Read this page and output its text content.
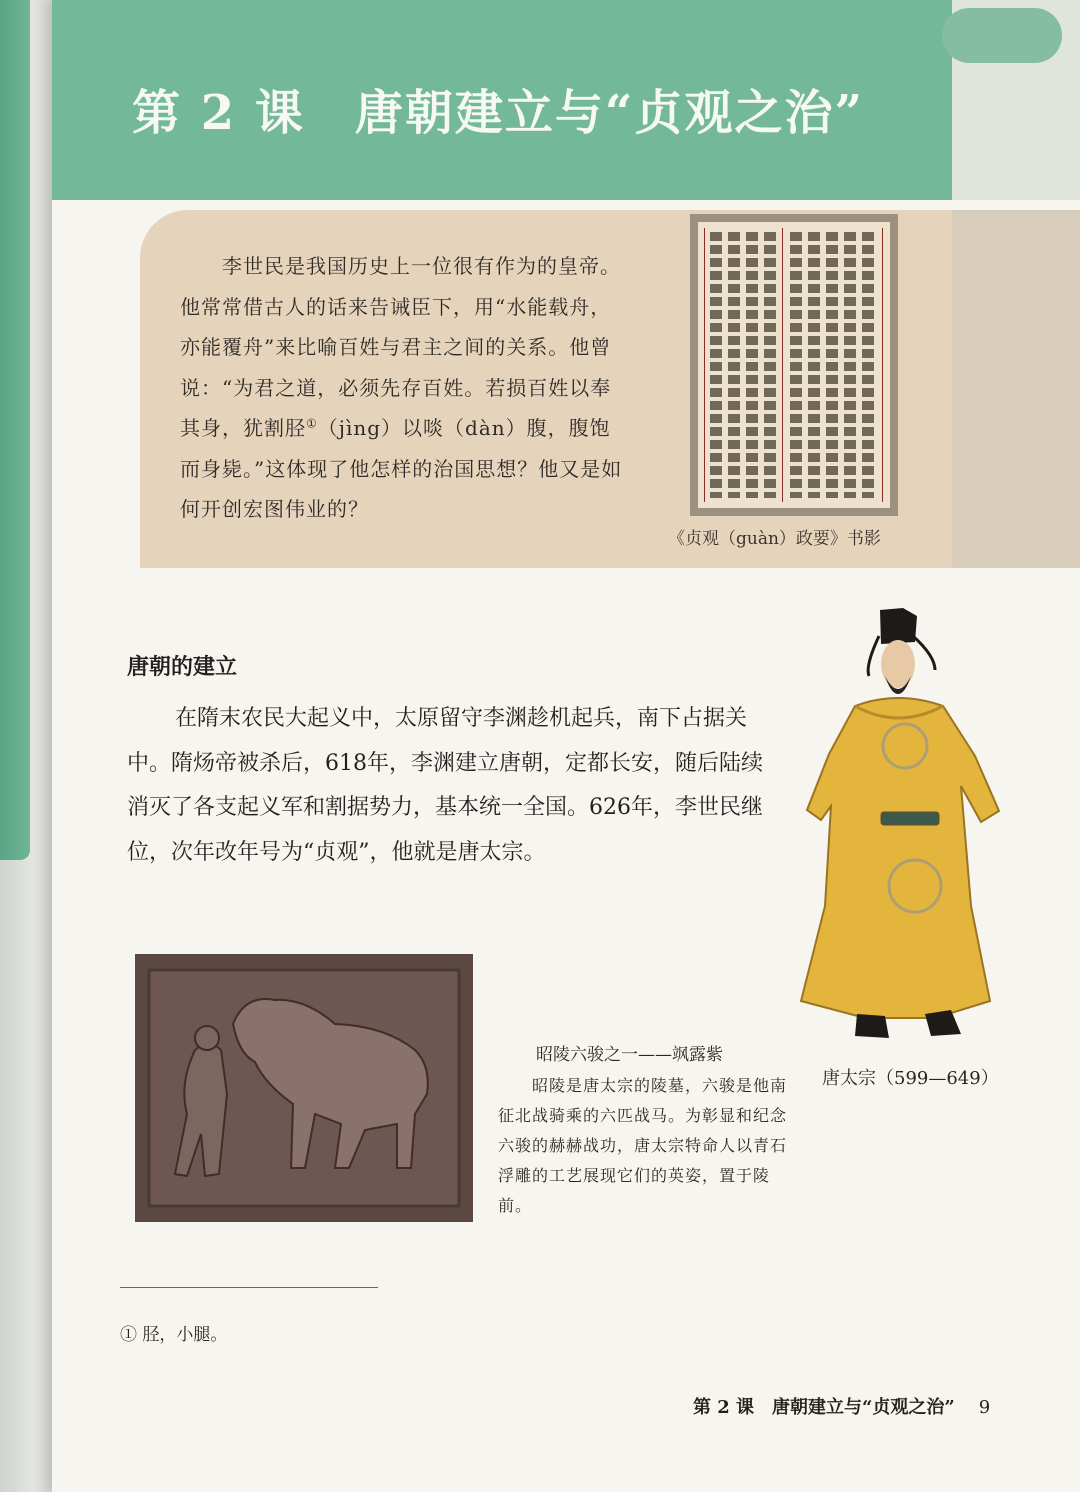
第 2 课 唐朝建立与“贞观之治”

李世民是我国历史上一位很有作为的皇帝。他常常借古人的话来告诫臣下，用“水能载舟，亦能覆舟”来比喻百姓与君主之间的关系。他曾说：“为君之道，必须先存百姓。若损百姓以奉其身，犹割胫①（jìng）以啖（dàn）腹，腹饱而身毙。”这体现了他怎样的治国思想？他又是如何开创宏图伟业的？

《贞观（guàn）政要》书影
唐朝的建立

在隋末农民大起义中，太原留守李渊趁机起兵，南下占据关中。隋炀帝被杀后，618年，李渊建立唐朝，定都长安，随后陆续消灭了各支起义军和割据势力，基本统一全国。626年，李世民继位，次年改年号为“贞观”，他就是唐太宗。

唐太宗（599—649）

昭陵六骏之一——飒露紫

昭陵是唐太宗的陵墓，六骏是他南征北战骑乘的六匹战马。为彰显和纪念六骏的赫赫战功，唐太宗特命人以青石浮雕的工艺展现它们的英姿，置于陵前。

① 胫，小腿。
第 2 课　唐朝建立与“贞观之治” 9
